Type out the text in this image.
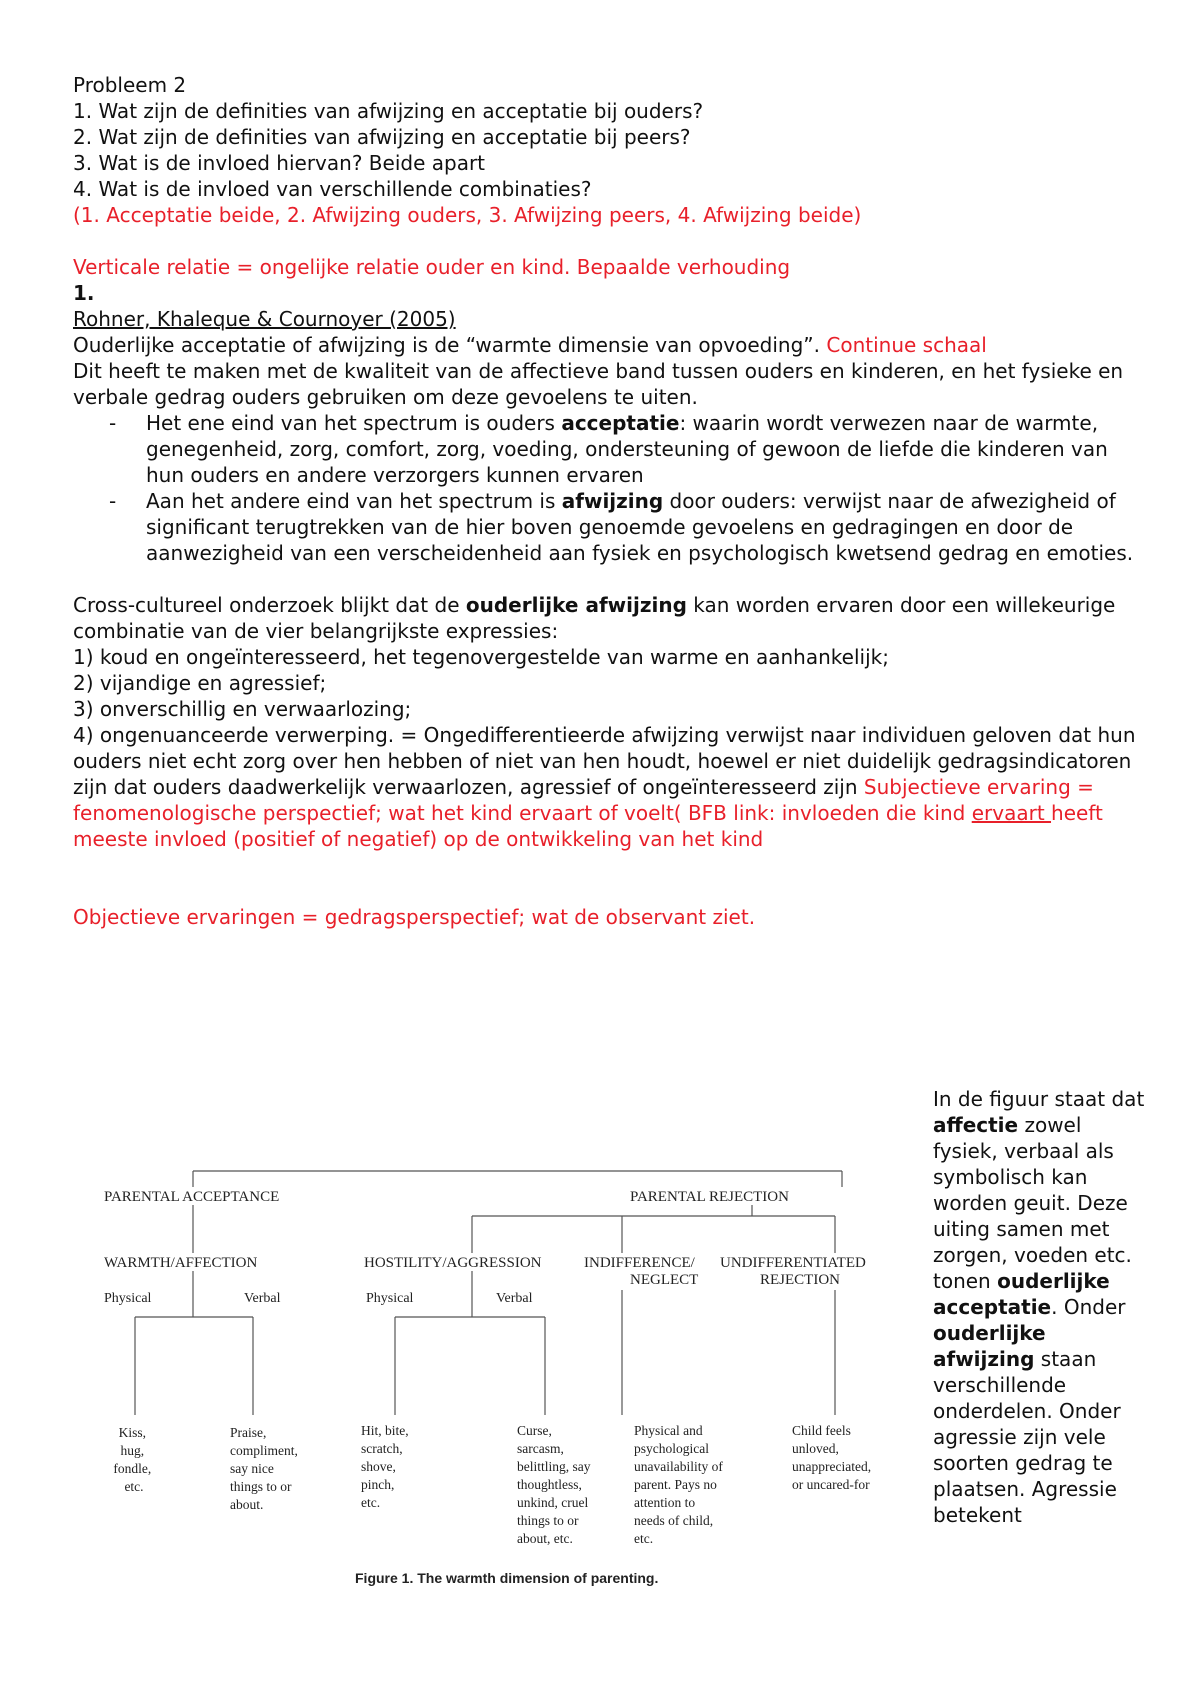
Probleem 2

1. Wat zijn de definities van afwijzing en acceptatie bij ouders?

2. Wat zijn de definities van afwijzing en acceptatie bij peers?

3. Wat is de invloed hiervan? Beide apart

4. Wat is de invloed van verschillende combinaties?

(1. Acceptatie beide, 2. Afwijzing ouders, 3. Afwijzing peers, 4. Afwijzing beide)

Verticale relatie = ongelijke relatie ouder en kind. Bepaalde verhouding

1.

Rohner, Khaleque & Cournoyer (2005)

Ouderlijke acceptatie of afwijzing is de “warmte dimensie van opvoeding”. Continue schaal

Dit heeft te maken met de kwaliteit van de affectieve band tussen ouders en kinderen, en het fysieke en verbale gedrag ouders gebruiken om deze gevoelens te uiten.

- Het ene eind van het spectrum is ouders acceptatie: waarin wordt verwezen naar de warmte, genegenheid, zorg, comfort, zorg, voeding, ondersteuning of gewoon de liefde die kinderen van hun ouders en andere verzorgers kunnen ervaren
- Aan het andere eind van het spectrum is afwijzing door ouders: verwijst naar de afwezigheid of significant terugtrekken van de hier boven genoemde gevoelens en gedragingen en door de aanwezigheid van een verscheidenheid aan fysiek en psychologisch kwetsend gedrag en emoties.

Cross-cultureel onderzoek blijkt dat de ouderlijke afwijzing kan worden ervaren door een willekeurige combinatie van de vier belangrijkste expressies:

1) koud en ongeïnteresseerd, het tegenovergestelde van warme en aanhankelijk;

2) vijandige en agressief;

3) onverschillig en verwaarlozing;

4) ongenuanceerde verwerping. = Ongedifferentieerde afwijzing verwijst naar individuen geloven dat hun ouders niet echt zorg over hen hebben of niet van hen houdt, hoewel er niet duidelijk gedragsindicatoren zijn dat ouders daadwerkelijk verwaarlozen, agressief of ongeïnteresseerd zijn Subjectieve ervaring = fenomenologische perspectief; wat het kind ervaart of voelt( BFB link: invloeden die kind ervaart heeft meeste invloed (positief of negatief) op de ontwikkeling van het kind

Objectieve ervaringen = gedragsperspectief; wat de observant ziet.

PARENTAL ACCEPTANCE	PARENTAL REJECTION
WARMTH/AFFECTION	HOSTILITY/AGGRESSION	INDIFFERENCE/
NEGLECT
UNDIFFERENTIATED
REJECTION
Physical	Verbal	Physical	Verbal
Kiss, hug, fondle, etc.
Praise, compliment, say nice things to or about.
Hit, bite, scratch, shove, pinch, etc.
Curse, sarcasm, belittling, say thoughtless, unkind, cruel things to or about, etc.
Physical and psychological unavailability of parent. Pays no attention to needs of child, etc.
Child feels unloved, unappreciated, or uncared-for
Figure 1. The warmth dimension of parenting.
In de figuur staat dat affectie zowel fysiek, verbaal als symbolisch kan worden geuit. Deze uiting samen met zorgen, voeden etc. tonen ouderlijke acceptatie. Onder ouderlijke afwijzing staan verschillende onderdelen. Onder agressie zijn vele soorten gedrag te plaatsen. Agressie betekent
